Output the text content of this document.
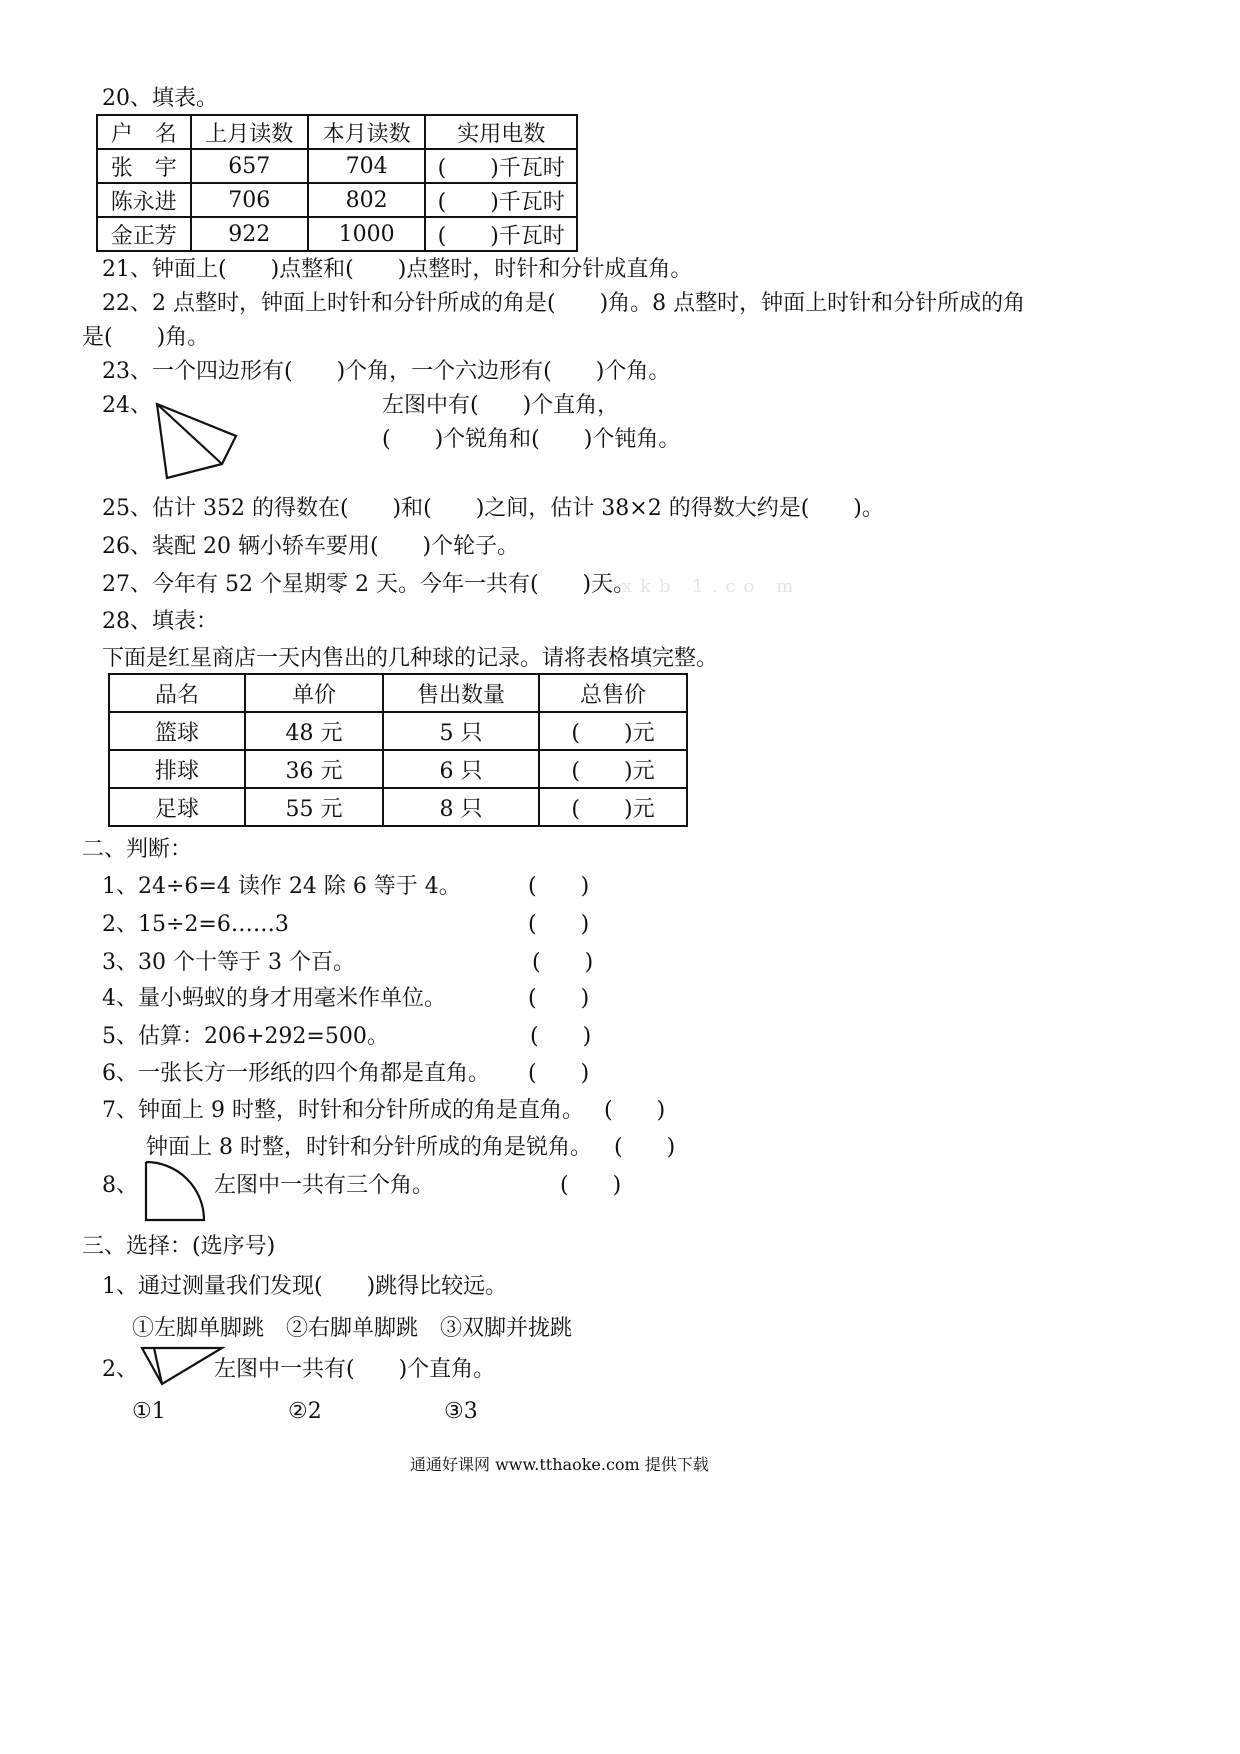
20、填表。
户　名	上月读数	本月读数	实用电数
张　宇	657	704	(　　)千瓦时
陈永进	706	802	(　　)千瓦时
金正芳	922	1000	(　　)千瓦时
21、钟面上(　　)点整和(　　)点整时，时针和分针成直角。
22、2 点整时，钟面上时针和分针所成的角是(　　)角。8 点整时，钟面上时针和分针所成的角
是(　　)角。
23、一个四边形有(　　)个角，一个六边形有(　　)个角。
24、	左图中有(　　)个直角，
(　　)个锐角和(　　)个钝角。
25、估计 352 的得数在(　　)和(　　)之间，估计 38×2 的得数大约是(　　)。
26、装配 20 辆小轿车要用(　　)个轮子。
27、今年有 52 个星期零 2 天。今年一共有(　　)天。
xkb 1.co m
28、填表：
下面是红星商店一天内售出的几种球的记录。请将表格填完整。
品名	单价	售出数量	总售价
篮球	48 元	5 只	(　　)元
排球	36 元	6 只	(　　)元
足球	55 元	8 只	(　　)元
二、判断：
1、24÷6=4 读作 24 除 6 等于 4。	(　　)
2、15÷2=6……3	(　　)
3、30 个十等于 3 个百。	(　　)
4、量小蚂蚁的身才用毫米作单位。	(　　)
5、估算：206+292=500。	(　　)
6、一张长方一形纸的四个角都是直角。 (　　)
7、钟面上 9 时整，时针和分针所成的角是直角。 (　　)
钟面上 8 时整，时针和分针所成的角是锐角。 (　　)
8、	左图中一共有三个角。	(　　)
三、选择：(选序号)
1、通过测量我们发现(　　)跳得比较远。
①左脚单脚跳　②右脚单脚跳　③双脚并拢跳
2、	左图中一共有(　　)个直角。
①1	②2	③3
通通好课网 www.tthaoke.com 提供下载
